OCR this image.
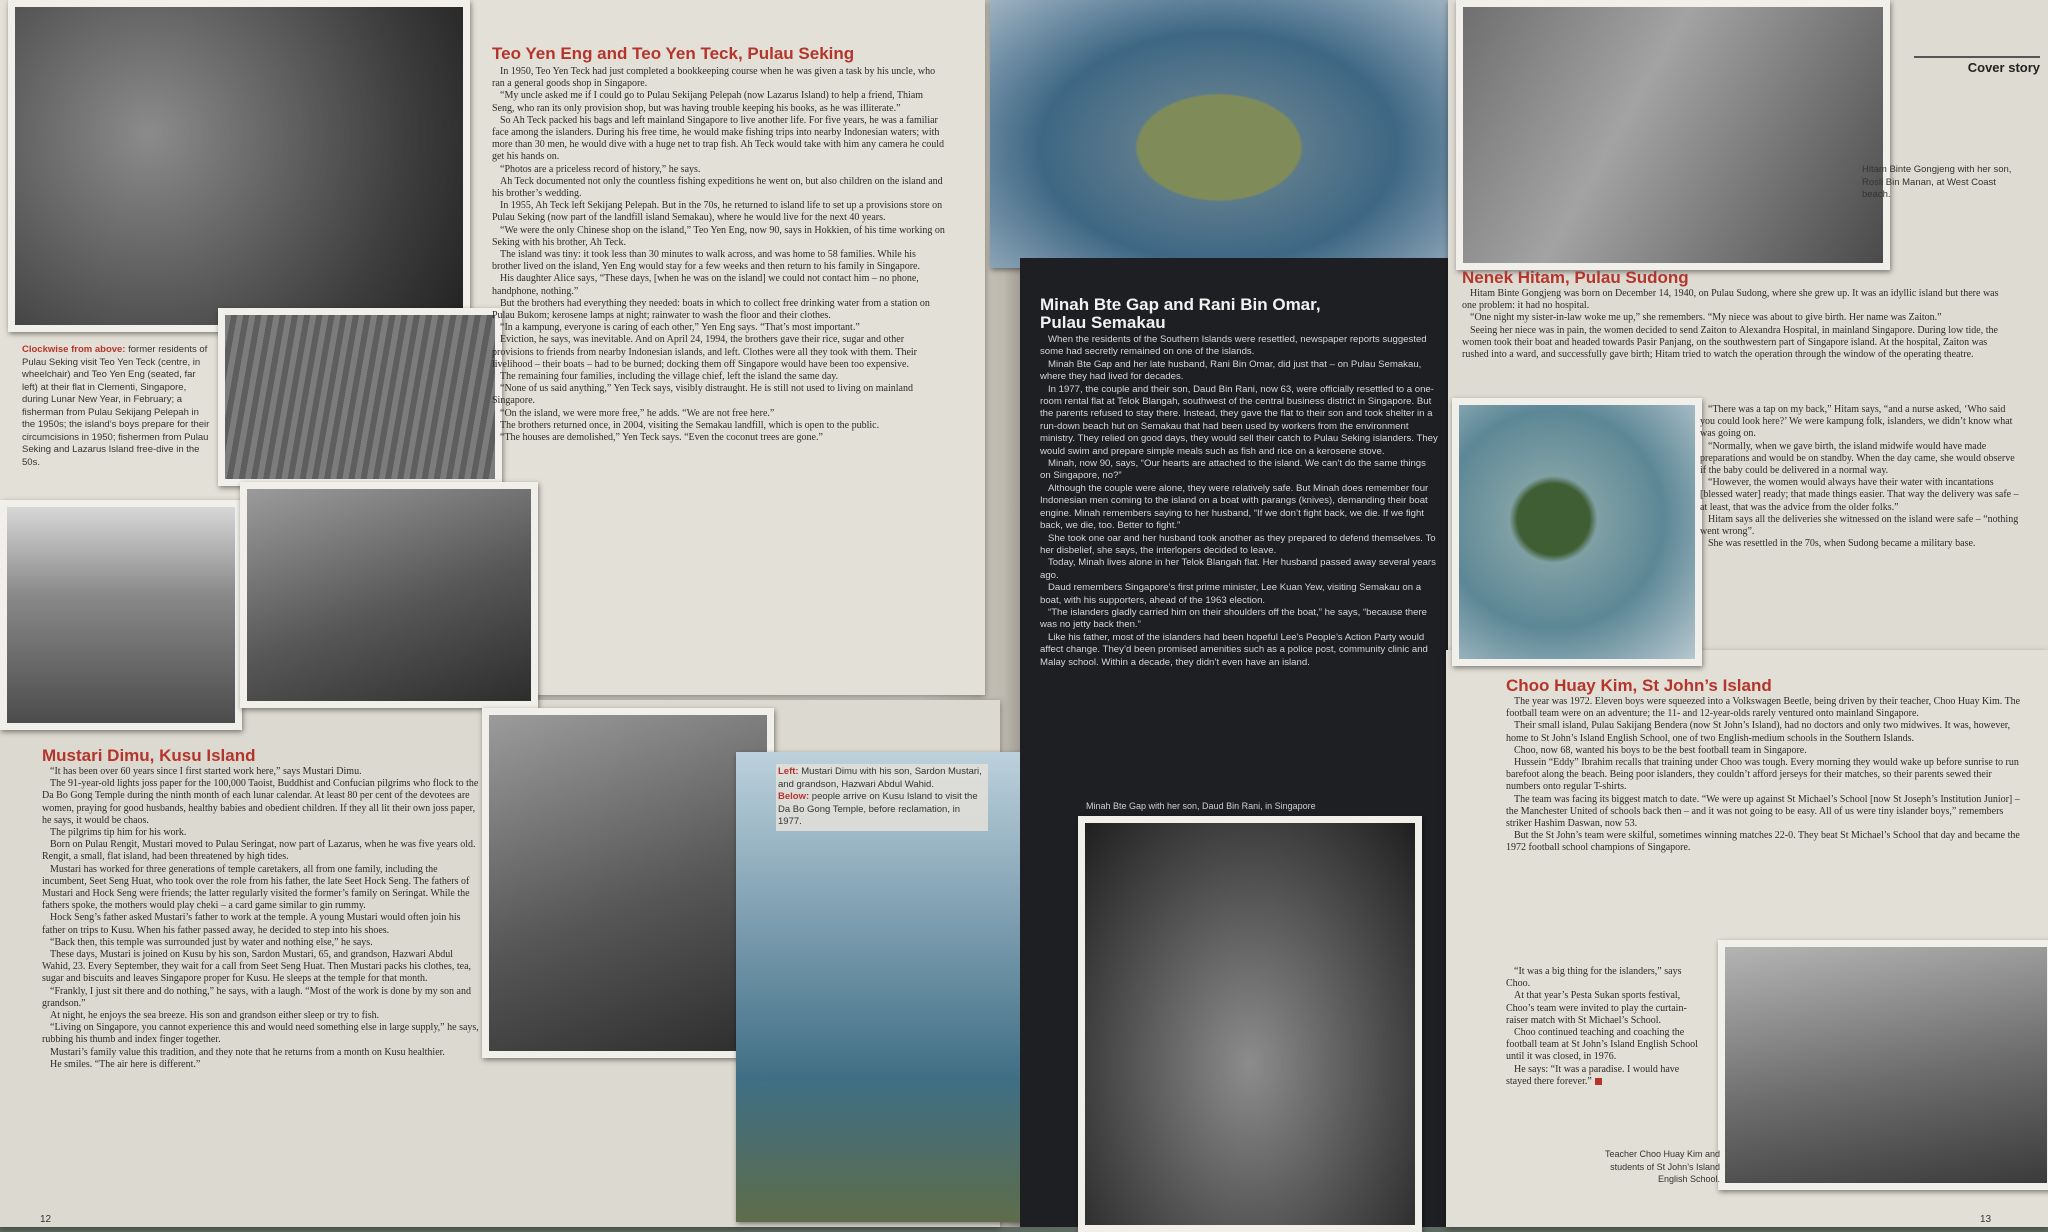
Teo Yen Eng and Teo Yen Teck, Pulau Seking

In 1950, Teo Yen Teck had just completed a bookkeeping course when he was given a task by his uncle, who ran a general goods shop in Singapore.

“My uncle asked me if I could go to Pulau Sekijang Pelepah (now Lazarus Island) to help a friend, Thiam Seng, who ran its only provision shop, but was having trouble keeping his books, as he was illiterate.”

So Ah Teck packed his bags and left mainland Singapore to live another life. For five years, he was a familiar face among the islanders. During his free time, he would make fishing trips into nearby Indonesian waters; with more than 30 men, he would dive with a huge net to trap fish. Ah Teck would take with him any camera he could get his hands on.

“Photos are a priceless record of history,” he says.

Ah Teck documented not only the countless fishing expeditions he went on, but also children on the island and his brother’s wedding.

In 1955, Ah Teck left Sekijang Pelepah. But in the 70s, he returned to island life to set up a provisions store on Pulau Seking (now part of the landfill island Semakau), where he would live for the next 40 years.

“We were the only Chinese shop on the island,” Teo Yen Eng, now 90, says in Hokkien, of his time working on Seking with his brother, Ah Teck.

The island was tiny: it took less than 30 minutes to walk across, and was home to 58 families. While his brother lived on the island, Yen Eng would stay for a few weeks and then return to his family in Singapore.

His daughter Alice says, “These days, [when he was on the island] we could not contact him – no phone, handphone, nothing.”

But the brothers had everything they needed: boats in which to collect free drinking water from a station on Pulau Bukom; kerosene lamps at night; rainwater to wash the floor and their clothes.

“In a kampung, everyone is caring of each other,” Yen Eng says. “That’s most important.”

Eviction, he says, was inevitable. And on April 24, 1994, the brothers gave their rice, sugar and other provisions to friends from nearby Indonesian islands, and left. Clothes were all they took with them. Their livelihood – their boats – had to be burned; docking them off Singapore would have been too expensive.

The remaining four families, including the village chief, left the island the same day.

“None of us said anything,” Yen Teck says, visibly distraught. He is still not used to living on mainland Singapore.

“On the island, we were more free,” he adds. “We are not free here.”

The brothers returned once, in 2004, visiting the Semakau landfill, which is open to the public.

“The houses are demolished,” Yen Teck says. “Even the coconut trees are gone.”

Clockwise from above: former residents of Pulau Seking visit Teo Yen Teck (centre, in wheelchair) and Teo Yen Eng (seated, far left) at their flat in Clementi, Singapore, during Lunar New Year, in February; a fisherman from Pulau Sekijang Pelepah in the 1950s; the island’s boys prepare for their circumcisions in 1950; fishermen from Pulau Seking and Lazarus Island free-dive in the 50s.
Mustari Dimu, Kusu Island

“It has been over 60 years since I first started work here,” says Mustari Dimu.

The 91-year-old lights joss paper for the 100,000 Taoist, Buddhist and Confucian pilgrims who flock to the Da Bo Gong Temple during the ninth month of each lunar calendar. At least 80 per cent of the devotees are women, praying for good husbands, healthy babies and obedient children. If they all lit their own joss paper, he says, it would be chaos.

The pilgrims tip him for his work.

Born on Pulau Rengit, Mustari moved to Pulau Seringat, now part of Lazarus, when he was five years old. Rengit, a small, flat island, had been threatened by high tides.

Mustari has worked for three generations of temple caretakers, all from one family, including the incumbent, Seet Seng Huat, who took over the role from his father, the late Seet Hock Seng. The fathers of Mustari and Hock Seng were friends; the latter regularly visited the former’s family on Seringat. While the fathers spoke, the mothers would play cheki – a card game similar to gin rummy.

Hock Seng’s father asked Mustari’s father to work at the temple. A young Mustari would often join his father on trips to Kusu. When his father passed away, he decided to step into his shoes.

“Back then, this temple was surrounded just by water and nothing else,” he says.

These days, Mustari is joined on Kusu by his son, Sardon Mustari, 65, and grandson, Hazwari Abdul Wahid, 23. Every September, they wait for a call from Seet Seng Huat. Then Mustari packs his clothes, tea, sugar and biscuits and leaves Singapore proper for Kusu. He sleeps at the temple for that month.

“Frankly, I just sit there and do nothing,” he says, with a laugh. “Most of the work is done by my son and grandson.”

At night, he enjoys the sea breeze. His son and grandson either sleep or try to fish.

“Living on Singapore, you cannot experience this and would need something else in large supply,” he says, rubbing his thumb and index finger together.

Mustari’s family value this tradition, and they note that he returns from a month on Kusu healthier.

He smiles. “The air here is different.”

Left: Mustari Dimu with his son, Sardon Mustari, and grandson, Hazwari Abdul Wahid.
Below: people arrive on Kusu Island to visit the Da Bo Gong Temple, before reclamation, in 1977.
12
Minah Bte Gap and Rani Bin Omar,
Pulau Semakau

When the residents of the Southern Islands were resettled, newspaper reports suggested some had secretly remained on one of the islands.

Minah Bte Gap and her late husband, Rani Bin Omar, did just that – on Pulau Semakau, where they had lived for decades.

In 1977, the couple and their son, Daud Bin Rani, now 63, were officially resettled to a one-room rental flat at Telok Blangah, southwest of the central business district in Singapore. But the parents refused to stay there. Instead, they gave the flat to their son and took shelter in a run-down beach hut on Semakau that had been used by workers from the environment ministry. They relied on good days, they would sell their catch to Pulau Seking islanders. They would swim and prepare simple meals such as fish and rice on a kerosene stove.

Minah, now 90, says, “Our hearts are attached to the island. We can’t do the same things on Singapore, no?”

Although the couple were alone, they were relatively safe. But Minah does remember four Indonesian men coming to the island on a boat with parangs (knives), demanding their boat engine. Minah remembers saying to her husband, “If we don’t fight back, we die. If we fight back, we die, too. Better to fight.”

She took one oar and her husband took another as they prepared to defend themselves. To her disbelief, she says, the interlopers decided to leave.

Today, Minah lives alone in her Telok Blangah flat. Her husband passed away several years ago.

Daud remembers Singapore’s first prime minister, Lee Kuan Yew, visiting Semakau on a boat, with his supporters, ahead of the 1963 election.

“The islanders gladly carried him on their shoulders off the boat,” he says, “because there was no jetty back then.”

Like his father, most of the islanders had been hopeful Lee’s People’s Action Party would affect change. They’d been promised amenities such as a police post, community clinic and Malay school. Within a decade, they didn’t even have an island.

Minah Bte Gap with her son, Daud Bin Rani, in Singapore
Cover story
Hitam Binte Gongjeng with her son, Rosli Bin Manan, at West Coast beach.
Nenek Hitam, Pulau Sudong

Hitam Binte Gongjeng was born on December 14, 1940, on Pulau Sudong, where she grew up. It was an idyllic island but there was one problem: it had no hospital.

“One night my sister-in-law woke me up,” she remembers. “My niece was about to give birth. Her name was Zaiton.”

Seeing her niece was in pain, the women decided to send Zaiton to Alexandra Hospital, in mainland Singapore. During low tide, the women took their boat and headed towards Pasir Panjang, on the southwestern part of Singapore island. At the hospital, Zaiton was rushed into a ward, and successfully gave birth; Hitam tried to watch the operation through the window of the operating theatre.

“There was a tap on my back,” Hitam says, “and a nurse asked, ‘Who said you could look here?’ We were kampung folk, islanders, we didn’t know what was going on.

“Normally, when we gave birth, the island midwife would have made preparations and would be on standby. When the day came, she would observe if the baby could be delivered in a normal way.

“However, the women would always have their water with incantations [blessed water] ready; that made things easier. That way the delivery was safe – at least, that was the advice from the older folks.”

Hitam says all the deliveries she witnessed on the island were safe – “nothing went wrong”.

She was resettled in the 70s, when Sudong became a military base.

Choo Huay Kim, St John’s Island

The year was 1972. Eleven boys were squeezed into a Volkswagen Beetle, being driven by their teacher, Choo Huay Kim. The football team were on an adventure; the 11- and 12-year-olds rarely ventured onto mainland Singapore.

Their small island, Pulau Sakijang Bendera (now St John’s Island), had no doctors and only two midwives. It was, however, home to St John’s Island English School, one of two English-medium schools in the Southern Islands.

Choo, now 68, wanted his boys to be the best football team in Singapore.

Hussein “Eddy” Ibrahim recalls that training under Choo was tough. Every morning they would wake up before sunrise to run barefoot along the beach. Being poor islanders, they couldn’t afford jerseys for their matches, so their parents sewed their numbers onto regular T-shirts.

The team was facing its biggest match to date. “We were up against St Michael’s School [now St Joseph’s Institution Junior] – the Manchester United of schools back then – and it was not going to be easy. All of us were tiny islander boys,” remembers striker Hashim Daswan, now 53.

But the St John’s team were skilful, sometimes winning matches 22-0. They beat St Michael’s School that day and became the 1972 football school champions of Singapore.

“It was a big thing for the islanders,” says Choo.

At that year’s Pesta Sukan sports festival, Choo’s team were invited to play the curtain-raiser match with St Michael’s School.

Choo continued teaching and coaching the football team at St John’s Island English School until it was closed, in 1976.

He says: “It was a paradise. I would have stayed there forever.”

Teacher Choo Huay Kim and students of St John’s Island English School.
13
